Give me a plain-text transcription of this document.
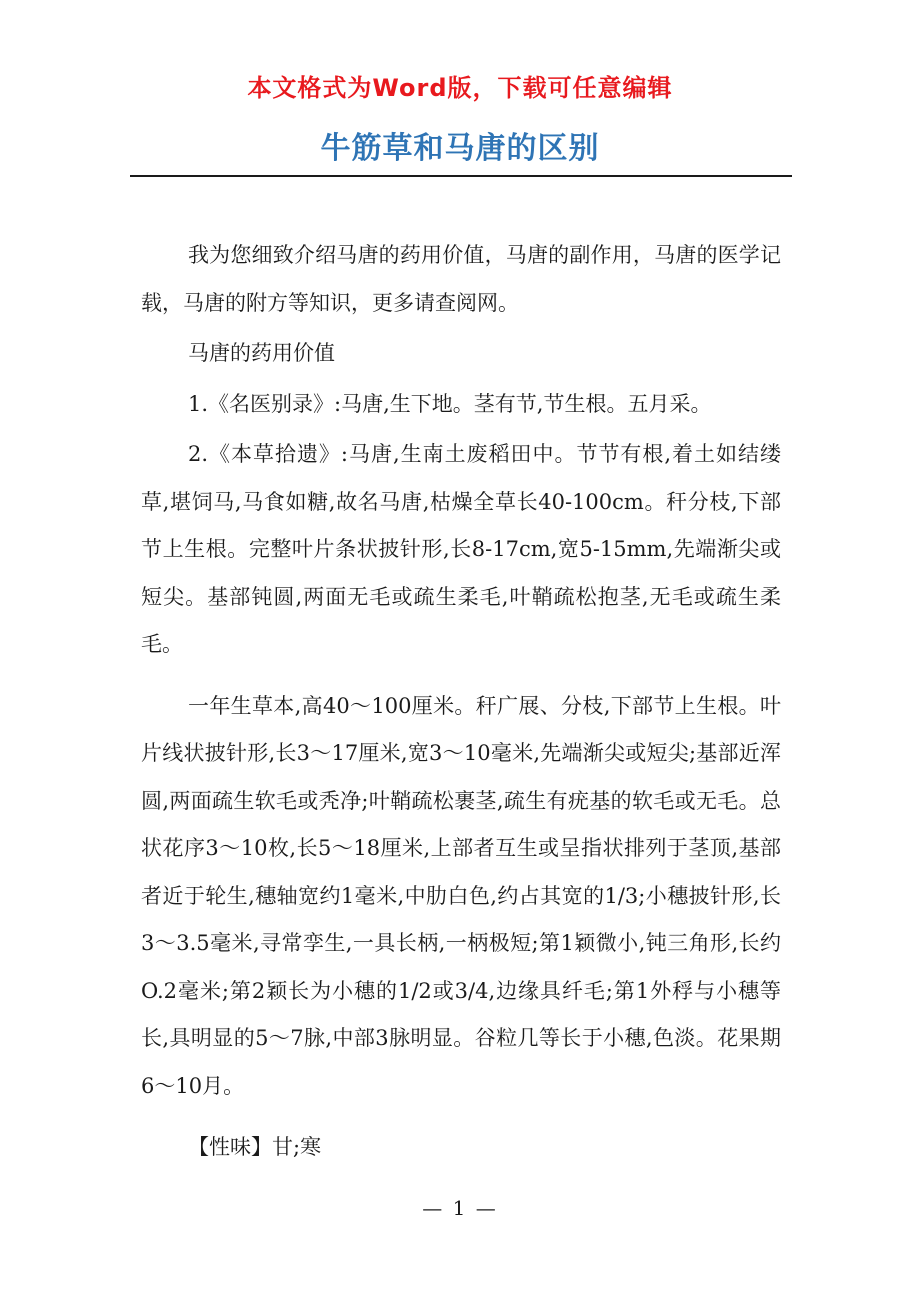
本文格式为Word版，下载可任意编辑
牛筋草和马唐的区别

我为您细致介绍马唐的药用价值，马唐的副作用，马唐的医学记载，马唐的附方等知识，更多请查阅网。

马唐的药用价值

1.《名医别录》:马唐,生下地。茎有节,节生根。五月采。

2.《本草拾遗》:马唐,生南土废稻田中。节节有根,着土如结缕草,堪饲马,马食如糖,故名马唐,枯燥全草长40-100cm。秆分枝,下部节上生根。完整叶片条状披针形,长8-17cm,宽5-15mm,先端渐尖或短尖。基部钝圆,两面无毛或疏生柔毛,叶鞘疏松抱茎,无毛或疏生柔毛。

一年生草本,高40～100厘米。秆广展、分枝,下部节上生根。叶片线状披针形,长3～17厘米,宽3～10毫米,先端渐尖或短尖;基部近浑圆,两面疏生软毛或秃净;叶鞘疏松裹茎,疏生有疣基的软毛或无毛。总状花序3～10枚,长5～18厘米,上部者互生或呈指状排列于茎顶,基部者近于轮生,穗轴宽约1毫米,中肋白色,约占其宽的1/3;小穗披针形,长3～3.5毫米,寻常孪生,一具长柄,一柄极短;第1颖微小,钝三角形,长约O.2毫米;第2颖长为小穗的1/2或3/4,边缘具纤毛;第1外稃与小穗等长,具明显的5～7脉,中部3脉明显。谷粒几等长于小穗,色淡。花果期6～10月。

【性味】甘;寒

— 1 —
